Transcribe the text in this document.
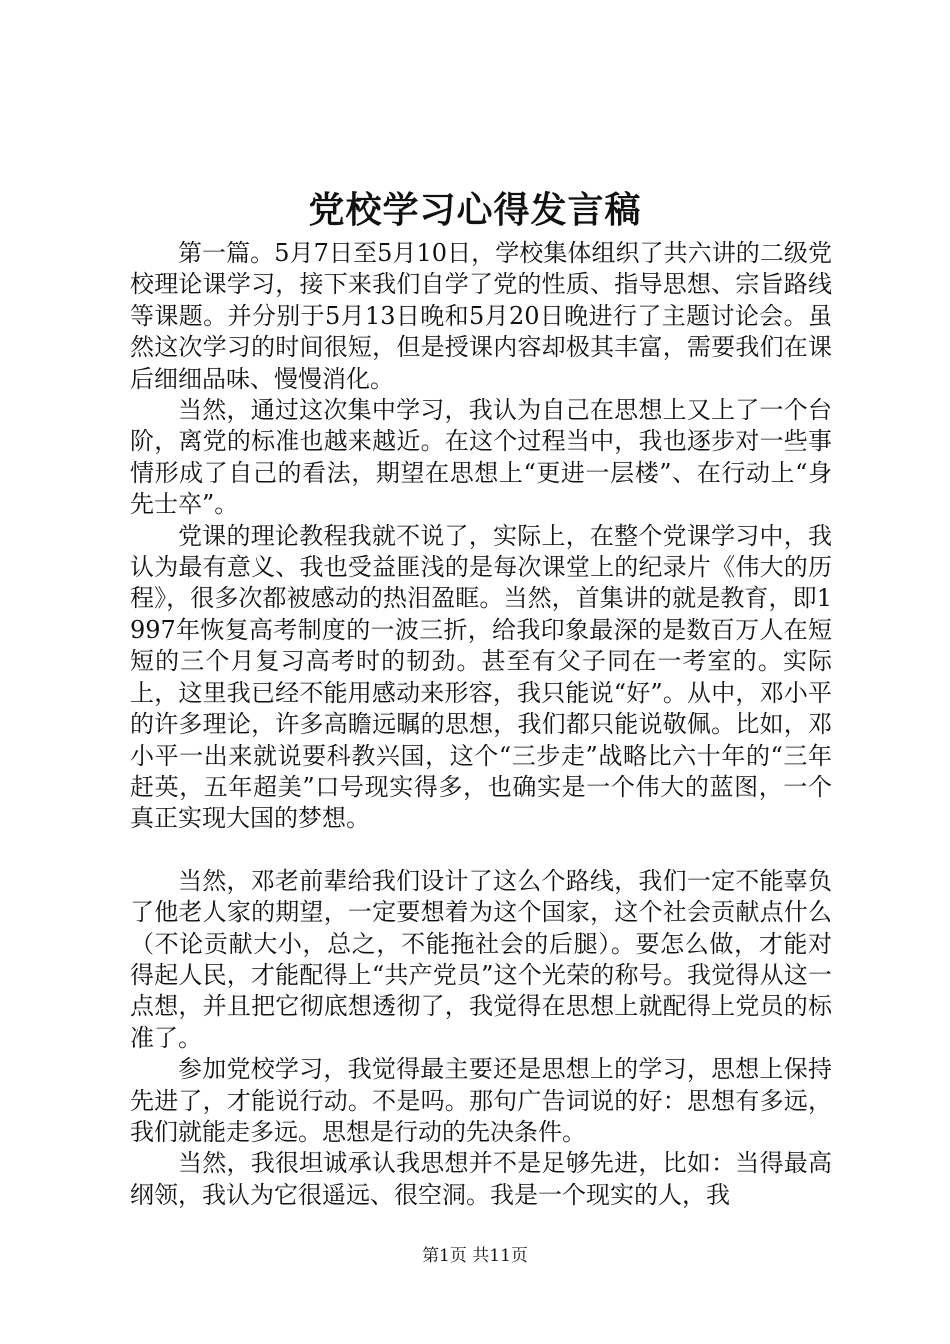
党校学习心得发言稿

第一篇。5月7日至5月10日，学校集体组织了共六讲的二级党校理论课学习，接下来我们自学了党的性质、指导思想、宗旨路线等课题。并分别于5月13日晚和5月20日晚进行了主题讨论会。虽然这次学习的时间很短，但是授课内容却极其丰富，需要我们在课后细细品味、慢慢消化。

当然，通过这次集中学习，我认为自己在思想上又上了一个台阶，离党的标准也越来越近。在这个过程当中，我也逐步对一些事情形成了自己的看法，期望在思想上“更进一层楼”、在行动上“身先士卒”。

党课的理论教程我就不说了，实际上，在整个党课学习中，我认为最有意义、我也受益匪浅的是每次课堂上的纪录片《伟大的历程》，很多次都被感动的热泪盈眶。当然，首集讲的就是教育，即1997年恢复高考制度的一波三折，给我印象最深的是数百万人在短短的三个月复习高考时的韧劲。甚至有父子同在一考室的。实际上，这里我已经不能用感动来形容，我只能说“好”。从中，邓小平的许多理论，许多高瞻远瞩的思想，我们都只能说敬佩。比如，邓小平一出来就说要科教兴国，这个“三步走”战略比六十年的“三年赶英，五年超美”口号现实得多，也确实是一个伟大的蓝图，一个真正实现大国的梦想。

当然，邓老前辈给我们设计了这么个路线，我们一定不能辜负了他老人家的期望，一定要想着为这个国家，这个社会贡献点什么（不论贡献大小，总之，不能拖社会的后腿）。要怎么做，才能对得起人民，才能配得上“共产党员”这个光荣的称号。我觉得从这一点想，并且把它彻底想透彻了，我觉得在思想上就配得上党员的标准了。

参加党校学习，我觉得最主要还是思想上的学习，思想上保持先进了，才能说行动。不是吗。那句广告词说的好：思想有多远，我们就能走多远。思想是行动的先决条件。

当然，我很坦诚承认我思想并不是足够先进，比如：当得最高纲领，我认为它很遥远、很空洞。我是一个现实的人，我

第1页 共11页
